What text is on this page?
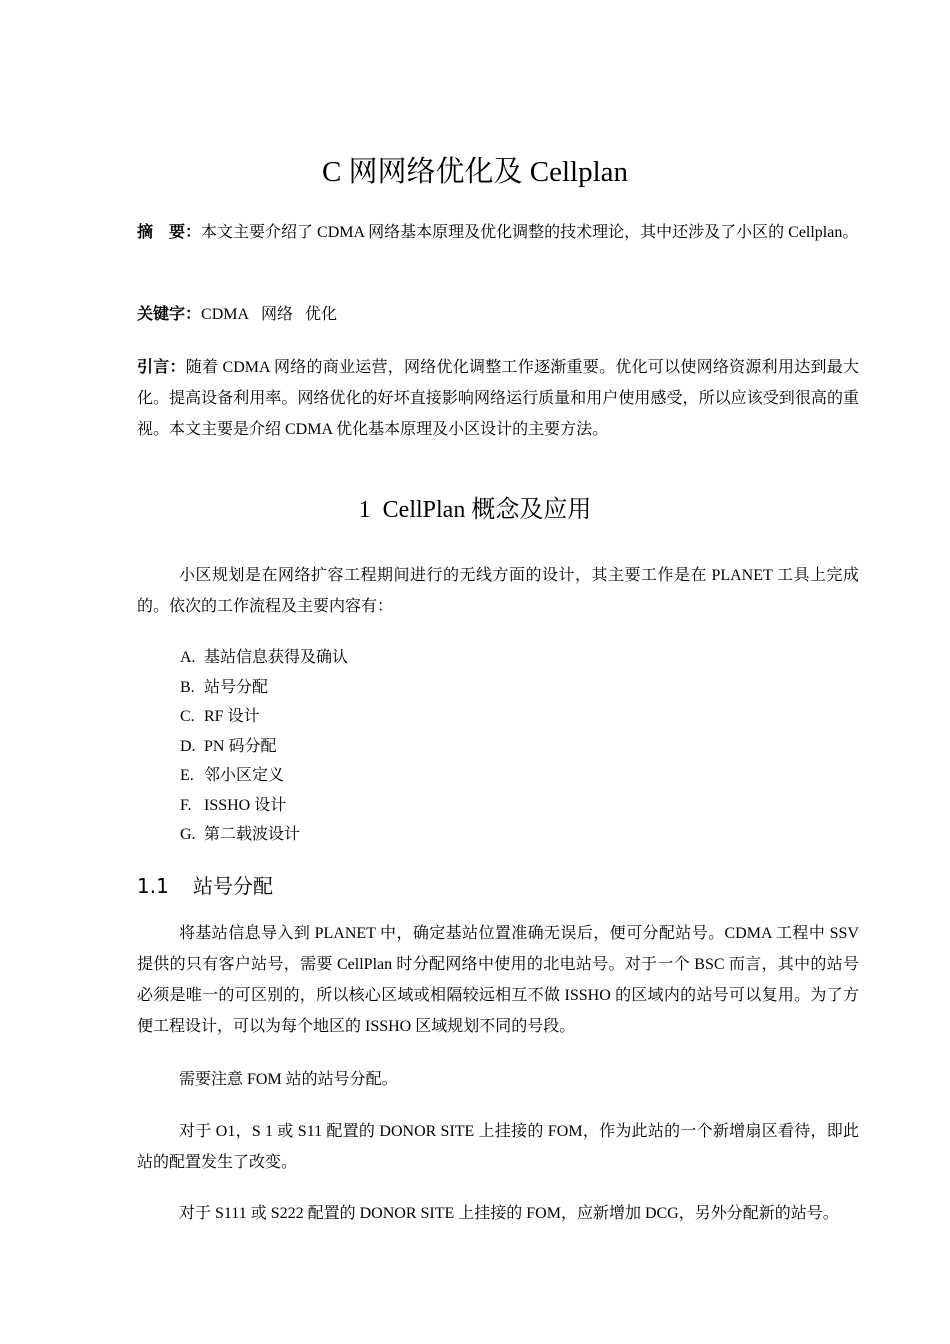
C 网网络优化及 Cellplan

摘　要：本文主要介绍了 CDMA 网络基本原理及优化调整的技术理论，其中还涉及了小区的 Cellplan。

关键字：CDMA 网络 优化

引言：随着 CDMA 网络的商业运营，网络优化调整工作逐渐重要。优化可以使网络资源利用达到最大化。提高设备利用率。网络优化的好坏直接影响网络运行质量和用户使用感受，所以应该受到很高的重视。本文主要是介绍 CDMA 优化基本原理及小区设计的主要方法。

1 CellPlan 概念及应用

小区规划是在网络扩容工程期间进行的无线方面的设计，其主要工作是在 PLANET 工具上完成的。依次的工作流程及主要内容有：

A. 基站信息获得及确认
B. 站号分配
C. RF 设计
D. PN 码分配
E. 邻小区定义
F. ISSHO 设计
G. 第二载波设计
1.1 站号分配

将基站信息导入到 PLANET 中，确定基站位置准确无误后，便可分配站号。CDMA 工程中 SSV 提供的只有客户站号，需要 CellPlan 时分配网络中使用的北电站号。对于一个 BSC 而言，其中的站号必须是唯一的可区别的，所以核心区域或相隔较远相互不做 ISSHO 的区域内的站号可以复用。为了方便工程设计，可以为每个地区的 ISSHO 区域规划不同的号段。

需要注意 FOM 站的站号分配。

对于 O1，S 1 或 S11 配置的 DONOR SITE 上挂接的 FOM，作为此站的一个新增扇区看待，即此站的配置发生了改变。

对于 S111 或 S222 配置的 DONOR SITE 上挂接的 FOM，应新增加 DCG，另外分配新的站号。
